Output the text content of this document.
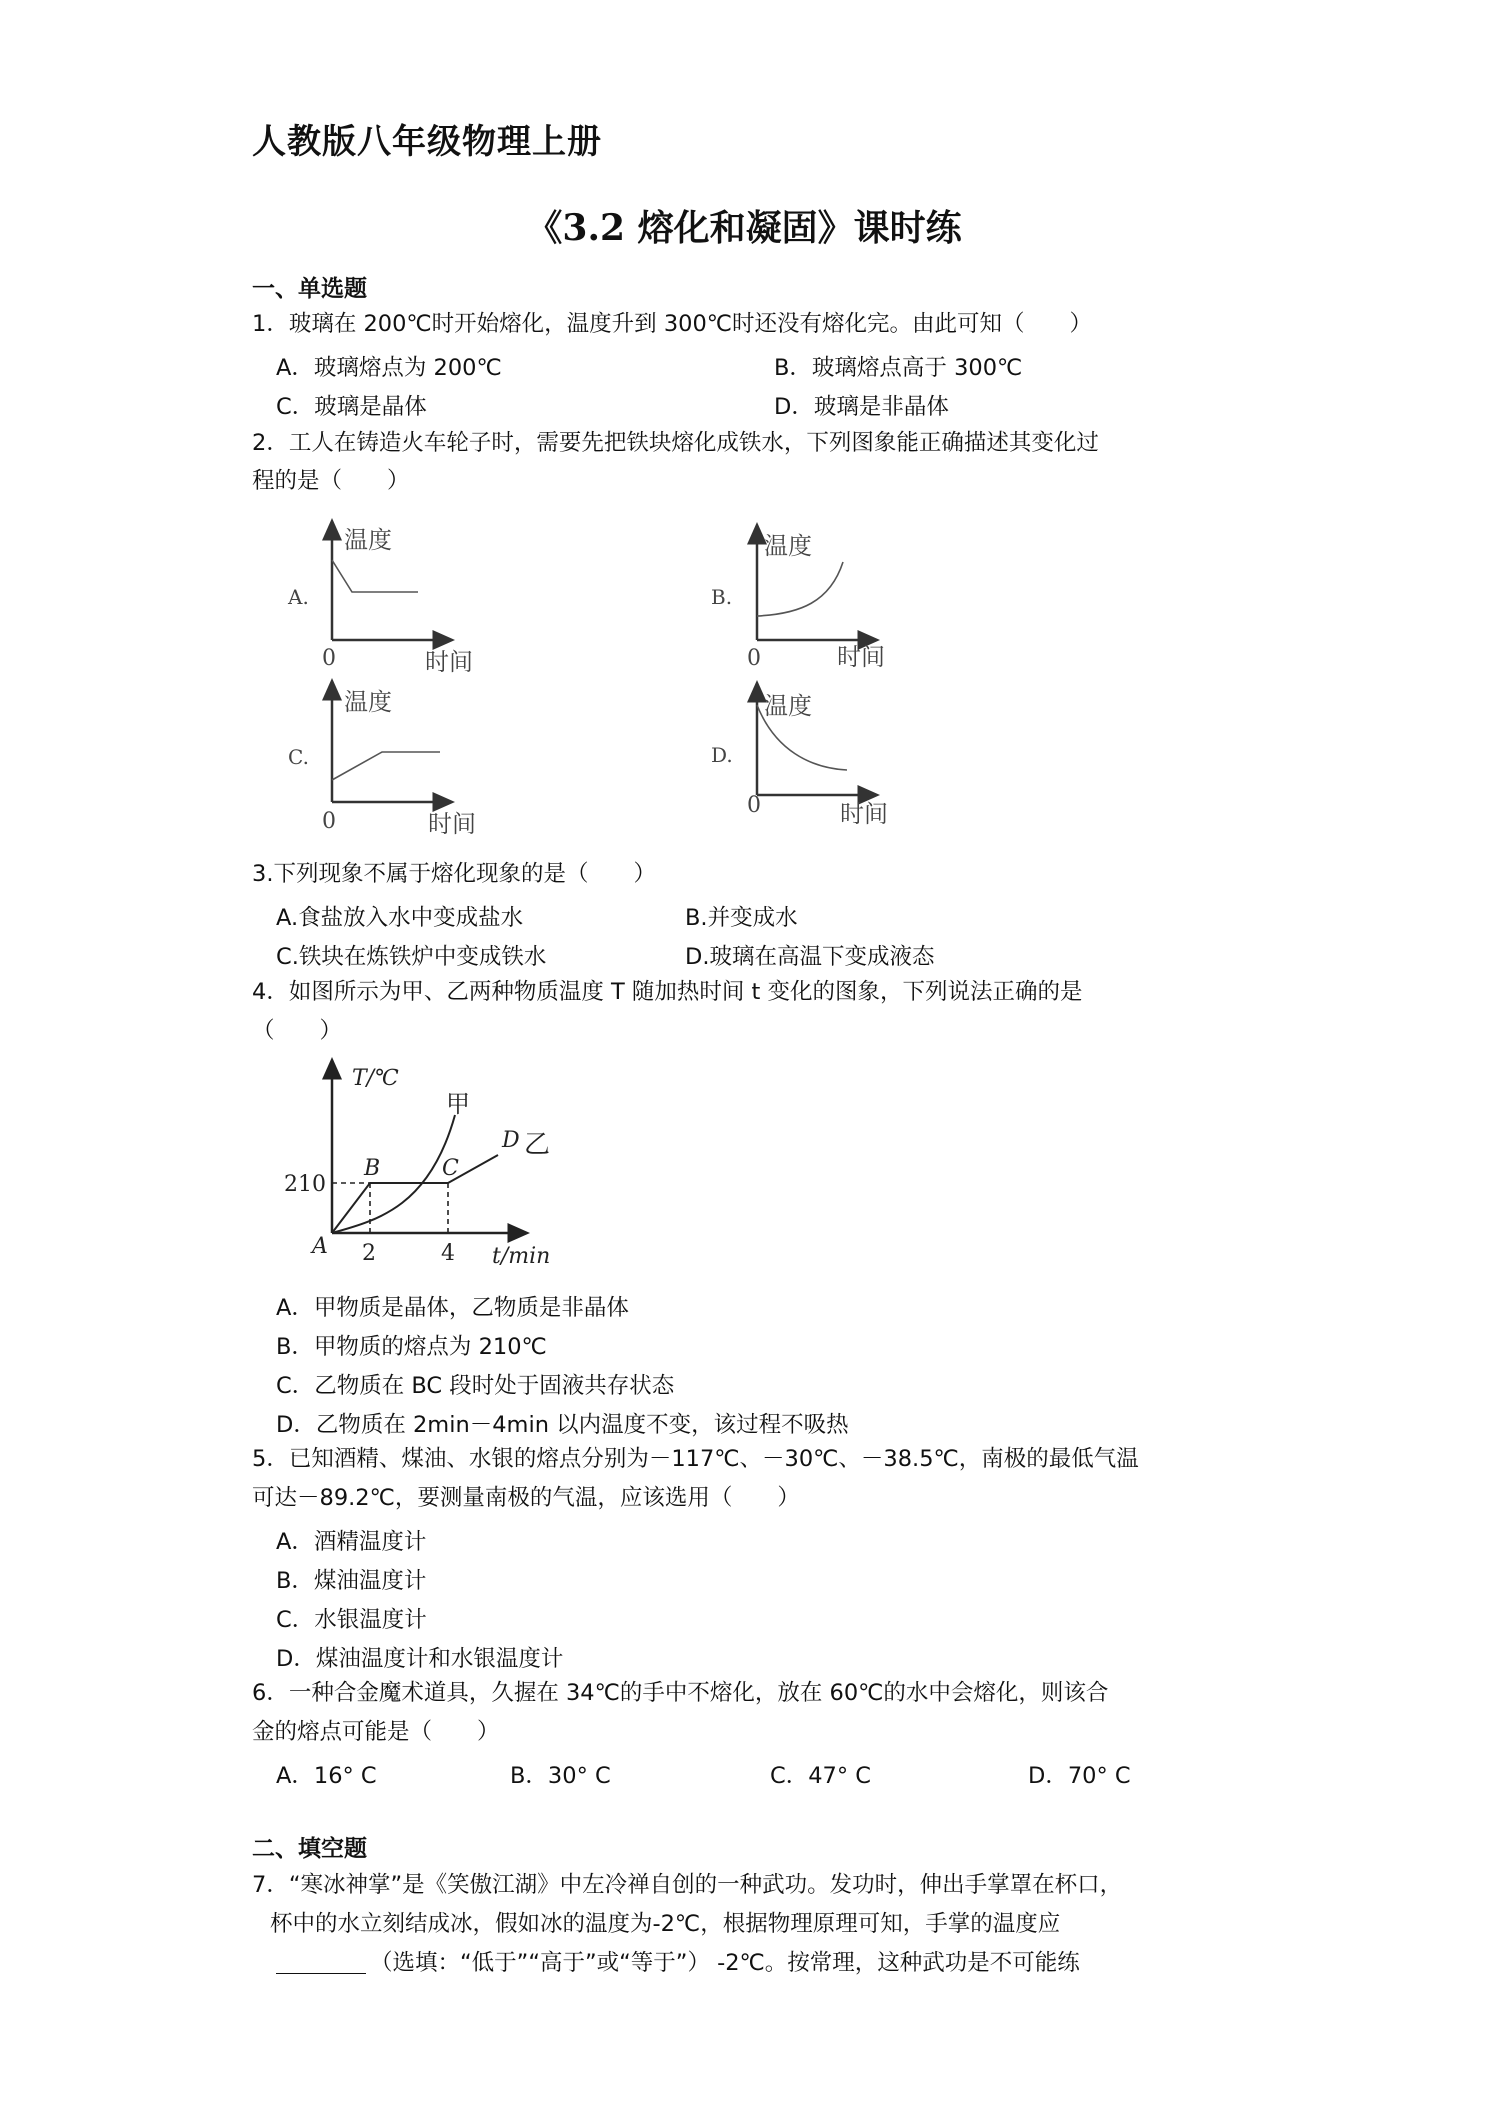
人教版八年级物理上册
《3.2 熔化和凝固》课时练
一、单选题
1．玻璃在 200℃时开始熔化，温度升到 300℃时还没有熔化完。由此可知（　　）
A．玻璃熔点为 200℃	B．玻璃熔点高于 300℃
C．玻璃是晶体	D．玻璃是非晶体
2．工人在铸造火车轮子时，需要先把铁块熔化成铁水，下列图象能正确描述其变化过
程的是（　　）
温度
时间
0
A.
温度
时间
0
B.
温度
时间
0
C.
温度
时间
0
D.
3.下列现象不属于熔化现象的是（　　）
A.食盐放入水中变成盐水	B.并变成水
C.铁块在炼铁炉中变成铁水	D.玻璃在高温下变成液态
4．如图所示为甲、乙两种物质温度 T 随加热时间 t 变化的图象，下列说法正确的是
（　　）
T/℃
t/min
210
2	4
A
B	C
D
甲
乙
A．甲物质是晶体，乙物质是非晶体
B．甲物质的熔点为 210℃
C．乙物质在 BC 段时处于固液共存状态
D．乙物质在 2min－4min 以内温度不变，该过程不吸热
5．已知酒精、煤油、水银的熔点分别为－117℃、－30℃、－38.5℃，南极的最低气温
可达－89.2℃，要测量南极的气温，应该选用（　　）
A．酒精温度计
B．煤油温度计
C．水银温度计
D．煤油温度计和水银温度计
6．一种合金魔术道具，久握在 34℃的手中不熔化，放在 60℃的水中会熔化，则该合
金的熔点可能是（　　）
A．16° C	B．30° C	C．47° C	D．70° C
二、填空题
7．“寒冰神掌”是《笑傲江湖》中左冷禅自创的一种武功。发功时，伸出手掌罩在杯口，
杯中的水立刻结成冰，假如冰的温度为-2℃，根据物理原理可知，手掌的温度应
（选填：“低于”“高于”或“等于”） -2℃。按常理，这种武功是不可能练
